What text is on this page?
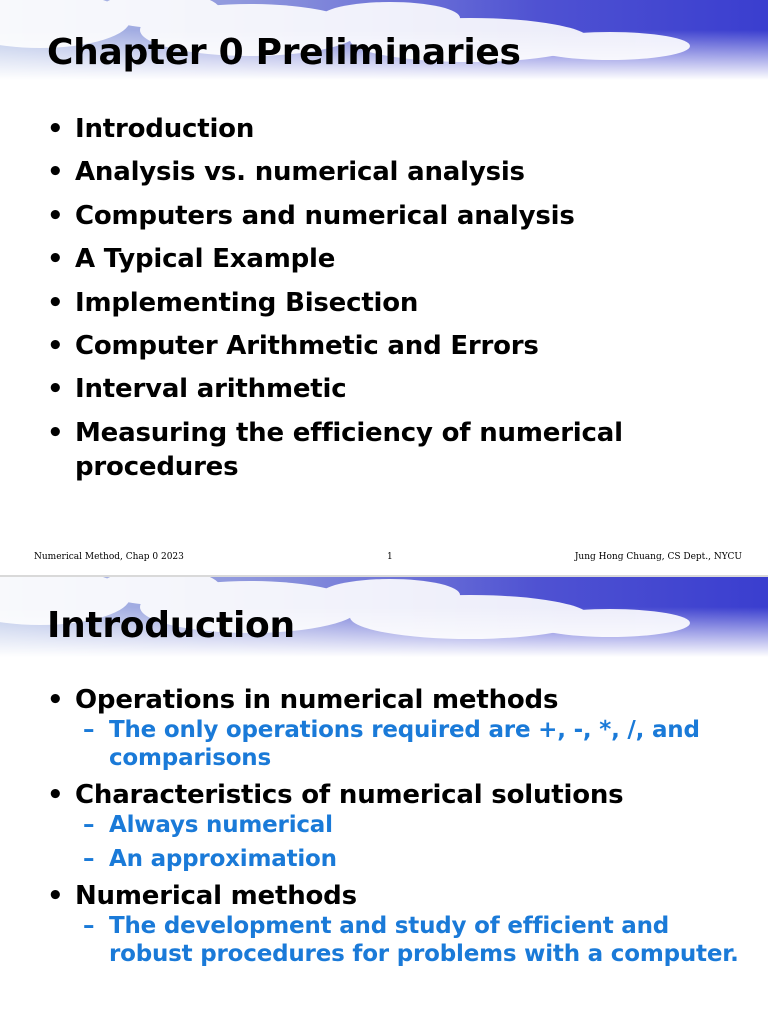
Chapter 0 Preliminaries
• Introduction
• Analysis vs. numerical analysis
• Computers and numerical analysis
• A Typical Example
• Implementing Bisection
• Computer Arithmetic and Errors
• Interval arithmetic
• Measuring the efficiency of numerical procedures
Numerical Method, Chap 0 2023	1	Jung Hong Chuang, CS Dept., NYCU
Introduction
• Operations in numerical methods
– The only operations required are +, -, *, /, and comparisons
• Characteristics of numerical solutions
– Always numerical
– An approximation
• Numerical methods
– The development and study of efficient and robust procedures for problems with a computer.
